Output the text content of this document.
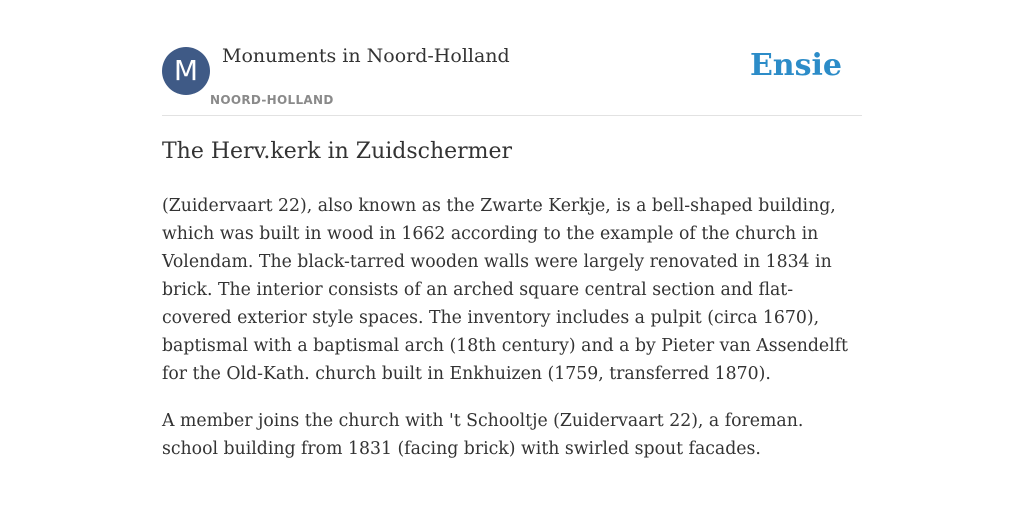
M	Monuments in Noord-Holland
NOORD-HOLLAND
Ensie
The Herv.kerk in Zuidschermer

(Zuidervaart 22), also known as the Zwarte Kerkje, is a bell-shaped building, which was built in wood in 1662 according to the example of the church in Volendam. The black-tarred wooden walls were largely renovated in 1834 in brick. The interior consists of an arched square central section and flat-covered exterior style spaces. The inventory includes a pulpit (circa 1670), baptismal with a baptismal arch (18th century) and a by Pieter van Assendelft for the Old-Kath. church built in Enkhuizen (1759, transferred 1870).

A member joins the church with 't Schooltje (Zuidervaart 22), a foreman. school building from 1831 (facing brick) with swirled spout facades.
